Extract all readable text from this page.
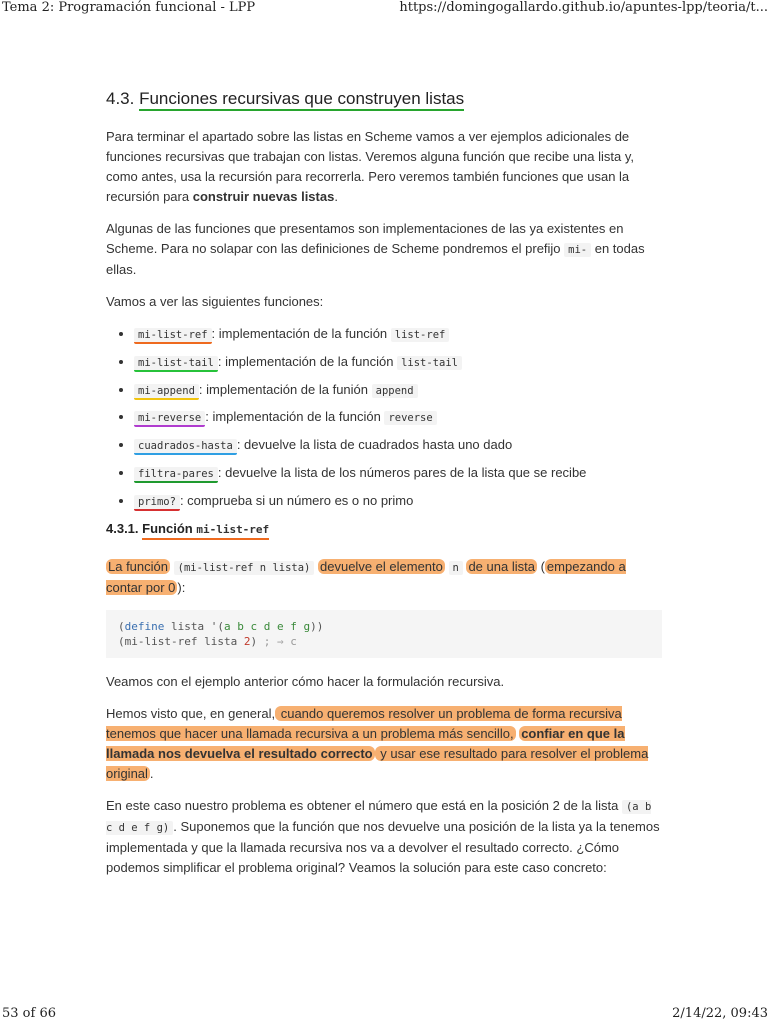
Tema 2: Programación funcional - LPP	https://domingogallardo.github.io/apuntes-lpp/teoria/t...
4.3. Funciones recursivas que construyen listas

Para terminar el apartado sobre las listas en Scheme vamos a ver ejemplos adicionales de funciones recursivas que trabajan con listas. Veremos alguna función que recibe una lista y, como antes, usa la recursión para recorrerla. Pero veremos también funciones que usan la recursión para construir nuevas listas.

Algunas de las funciones que presentamos son implementaciones de las ya existentes en Scheme. Para no solapar con las definiciones de Scheme pondremos el prefijo mi- en todas ellas.

Vamos a ver las siguientes funciones:

• mi-list-ref : implementación de la función list-ref
• mi-list-tail : implementación de la función list-tail
• mi-append : implementación de la funión append
• mi-reverse : implementación de la función reverse
• cuadrados-hasta : devuelve la lista de cuadrados hasta uno dado
• filtra-pares : devuelve la lista de los números pares de la lista que se recibe
• primo? : comprueba si un número es o no primo
4.3.1. Función mi-list-ref

La función (mi-list-ref n lista) devuelve el elemento n de una lista ( empezando a contar por 0 ):

(define lista '(a b c d e f g))
(mi-list-ref lista 2) ; ⇒ c

Veamos con el ejemplo anterior cómo hacer la formulación recursiva.

Hemos visto que, en general, cuando queremos resolver un problema de forma recursiva tenemos que hacer una llamada recursiva a un problema más sencillo, confiar en que la llamada nos devuelva el resultado correcto y usar ese resultado para resolver el problema original .

En este caso nuestro problema es obtener el número que está en la posición 2 de la lista (a b c d e f g) . Suponemos que la función que nos devuelve una posición de la lista ya la tenemos implementada y que la llamada recursiva nos va a devolver el resultado correcto. ¿Cómo podemos simplificar el problema original? Veamos la solución para este caso concreto:

53 of 66	2/14/22, 09:43
